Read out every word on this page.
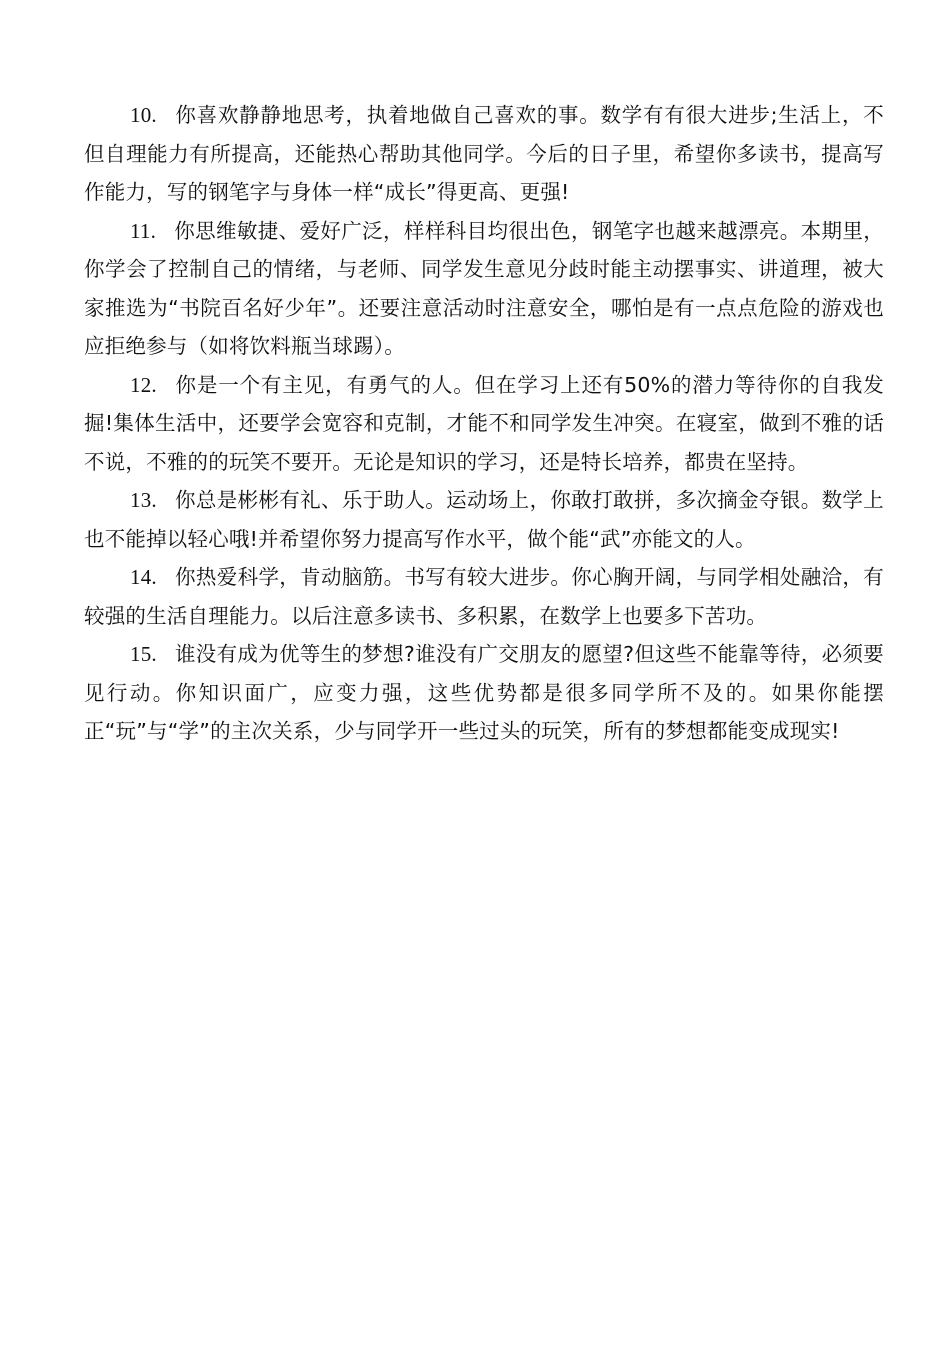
10. 你喜欢静静地思考，执着地做自己喜欢的事。数学有有很大进步;生活上，不但自理能力有所提高，还能热心帮助其他同学。今后的日子里，希望你多读书，提高写作能力，写的钢笔字与身体一样“成长”得更高、更强!

11. 你思维敏捷、爱好广泛，样样科目均很出色，钢笔字也越来越漂亮。本期里，你学会了控制自己的情绪，与老师、同学发生意见分歧时能主动摆事实、讲道理，被大家推选为“书院百名好少年”。还要注意活动时注意安全，哪怕是有一点点危险的游戏也应拒绝参与（如将饮料瓶当球踢）。

12. 你是一个有主见，有勇气的人。但在学习上还有50%的潜力等待你的自我发掘!集体生活中，还要学会宽容和克制，才能不和同学发生冲突。在寝室，做到不雅的话不说，不雅的的玩笑不要开。无论是知识的学习，还是特长培养，都贵在坚持。

13. 你总是彬彬有礼、乐于助人。运动场上，你敢打敢拼，多次摘金夺银。数学上也不能掉以轻心哦!并希望你努力提高写作水平，做个能“武”亦能文的人。

14. 你热爱科学，肯动脑筋。书写有较大进步。你心胸开阔，与同学相处融洽，有较强的生活自理能力。以后注意多读书、多积累，在数学上也要多下苦功。

15. 谁没有成为优等生的梦想?谁没有广交朋友的愿望?但这些不能靠等待，必须要见行动。你知识面广，应变力强，这些优势都是很多同学所不及的。如果你能摆正“玩”与“学”的主次关系，少与同学开一些过头的玩笑，所有的梦想都能变成现实!
